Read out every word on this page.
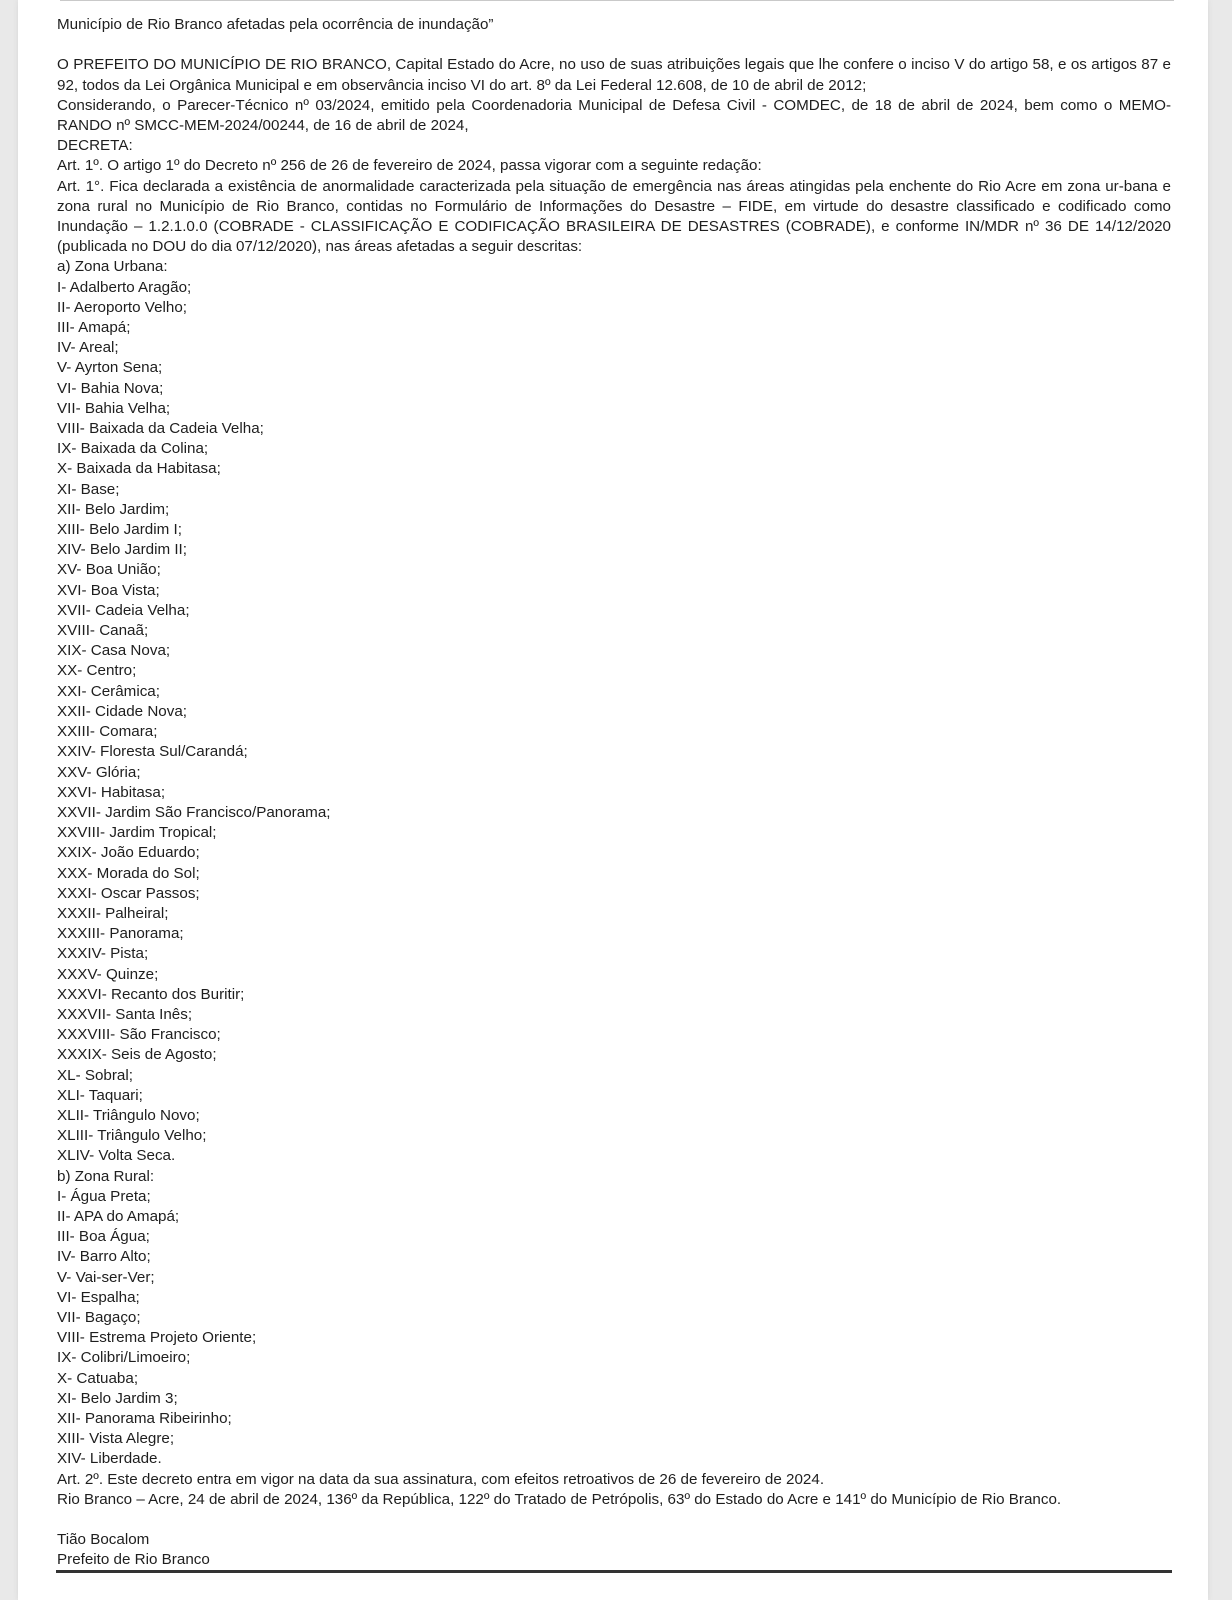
Município de Rio Branco afetadas pela ocorrência de inundação”

O PREFEITO DO MUNICÍPIO DE RIO BRANCO, Capital Estado do Acre, no uso de suas atribuições legais que lhe confere o inciso V do artigo 58, e os artigos 87 e 92, todos da Lei Orgânica Municipal e em observância inciso VI do art. 8º da Lei Federal 12.608, de 10 de abril de 2012;

Considerando, o Parecer-Técnico nº 03/2024, emitido pela Coordenadoria Municipal de Defesa Civil - COMDEC, de 18 de abril de 2024, bem como o MEMO-RANDO nº SMCC-MEM-2024/00244, de 16 de abril de 2024,

DECRETA:

Art. 1º. O artigo 1º do Decreto nº 256 de 26 de fevereiro de 2024, passa vigorar com a seguinte redação:

Art. 1°. Fica declarada a existência de anormalidade caracterizada pela situação de emergência nas áreas atingidas pela enchente do Rio Acre em zona ur-bana e zona rural no Município de Rio Branco, contidas no Formulário de Informações do Desastre – FIDE, em virtude do desastre classificado e codificado como Inundação – 1.2.1.0.0 (COBRADE - CLASSIFICAÇÃO E CODIFICAÇÃO BRASILEIRA DE DESASTRES (COBRADE), e conforme IN/MDR nº 36 DE 14/12/2020 (publicada no DOU do dia 07/12/2020), nas áreas afetadas a seguir descritas:

a) Zona Urbana:

I- Adalberto Aragão;
II- Aeroporto Velho;
III- Amapá;
IV- Areal;
V- Ayrton Sena;
VI- Bahia Nova;
VII- Bahia Velha;
VIII- Baixada da Cadeia Velha;
IX- Baixada da Colina;
X- Baixada da Habitasa;
XI- Base;
XII- Belo Jardim;
XIII- Belo Jardim I;
XIV- Belo Jardim II;
XV- Boa União;
XVI- Boa Vista;
XVII- Cadeia Velha;
XVIII- Canaã;
XIX- Casa Nova;
XX- Centro;
XXI- Cerâmica;
XXII- Cidade Nova;
XXIII- Comara;
XXIV- Floresta Sul/Carandá;
XXV- Glória;
XXVI- Habitasa;
XXVII- Jardim São Francisco/Panorama;
XXVIII- Jardim Tropical;
XXIX- João Eduardo;
XXX- Morada do Sol;
XXXI- Oscar Passos;
XXXII- Palheiral;
XXXIII- Panorama;
XXXIV- Pista;
XXXV- Quinze;
XXXVI- Recanto dos Buritir;
XXXVII- Santa Inês;
XXXVIII- São Francisco;
XXXIX- Seis de Agosto;
XL- Sobral;
XLI- Taquari;
XLII- Triângulo Novo;
XLIII- Triângulo Velho;
XLIV- Volta Seca.

b) Zona Rural:

I- Água Preta;
II- APA do Amapá;
III- Boa Água;
IV- Barro Alto;
V- Vai-ser-Ver;
VI- Espalha;
VII- Bagaço;
VIII- Estrema Projeto Oriente;
IX- Colibri/Limoeiro;
X- Catuaba;
XI- Belo Jardim 3;
XII- Panorama Ribeirinho;
XIII- Vista Alegre;
XIV- Liberdade.

Art. 2º. Este decreto entra em vigor na data da sua assinatura, com efeitos retroativos de 26 de fevereiro de 2024.

Rio Branco – Acre, 24 de abril de 2024, 136º da República, 122º do Tratado de Petrópolis, 63º do Estado do Acre e 141º do Município de Rio Branco.

Tião Bocalom

Prefeito de Rio Branco
